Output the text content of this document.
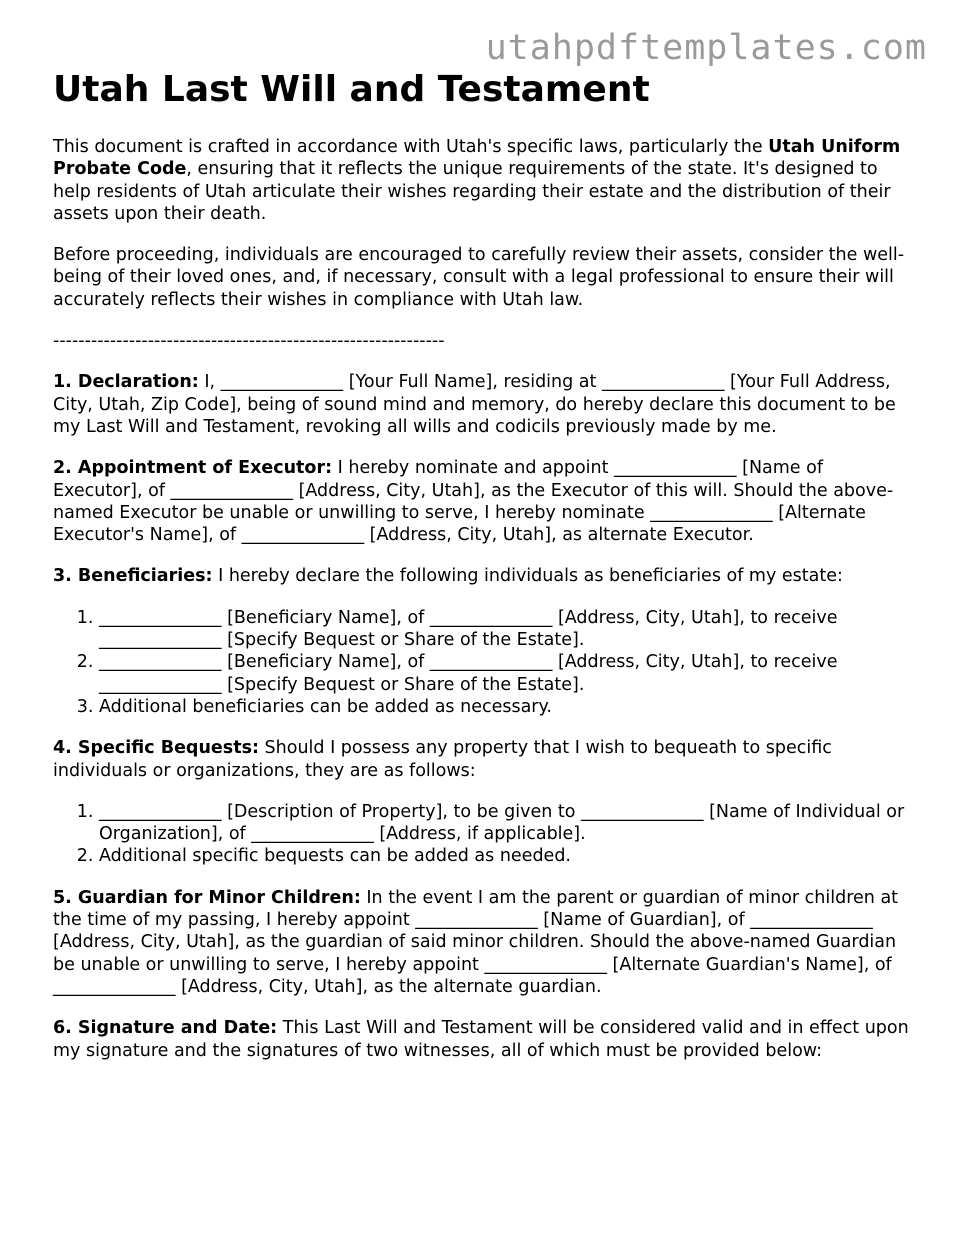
utahpdftemplates.com
Utah Last Will and Testament

This document is crafted in accordance with Utah's specific laws, particularly the Utah Uniform Probate Code, ensuring that it reflects the unique requirements of the state. It's designed to help residents of Utah articulate their wishes regarding their estate and the distribution of their assets upon their death.

Before proceeding, individuals are encouraged to carefully review their assets, consider the well-being of their loved ones, and, if necessary, consult with a legal professional to ensure their will accurately reflects their wishes in compliance with Utah law.

--------------------------------------------------------------

1. Declaration: I, ______________ [Your Full Name], residing at ______________ [Your Full Address, City, Utah, Zip Code], being of sound mind and memory, do hereby declare this document to be my Last Will and Testament, revoking all wills and codicils previously made by me.

2. Appointment of Executor: I hereby nominate and appoint ______________ [Name of Executor], of ______________ [Address, City, Utah], as the Executor of this will. Should the above-named Executor be unable or unwilling to serve, I hereby nominate ______________ [Alternate Executor's Name], of ______________ [Address, City, Utah], as alternate Executor.

3. Beneficiaries: I hereby declare the following individuals as beneficiaries of my estate:

1. ______________ [Beneficiary Name], of ______________ [Address, City, Utah], to receive ______________ [Specify Bequest or Share of the Estate].
2. ______________ [Beneficiary Name], of ______________ [Address, City, Utah], to receive ______________ [Specify Bequest or Share of the Estate].
3. Additional beneficiaries can be added as necessary.

4. Specific Bequests: Should I possess any property that I wish to bequeath to specific individuals or organizations, they are as follows:

1. ______________ [Description of Property], to be given to ______________ [Name of Individual or Organization], of ______________ [Address, if applicable].
2. Additional specific bequests can be added as needed.

5. Guardian for Minor Children: In the event I am the parent or guardian of minor children at the time of my passing, I hereby appoint ______________ [Name of Guardian], of ______________ [Address, City, Utah], as the guardian of said minor children. Should the above-named Guardian be unable or unwilling to serve, I hereby appoint ______________ [Alternate Guardian's Name], of ______________ [Address, City, Utah], as the alternate guardian.

6. Signature and Date: This Last Will and Testament will be considered valid and in effect upon my signature and the signatures of two witnesses, all of which must be provided below:
